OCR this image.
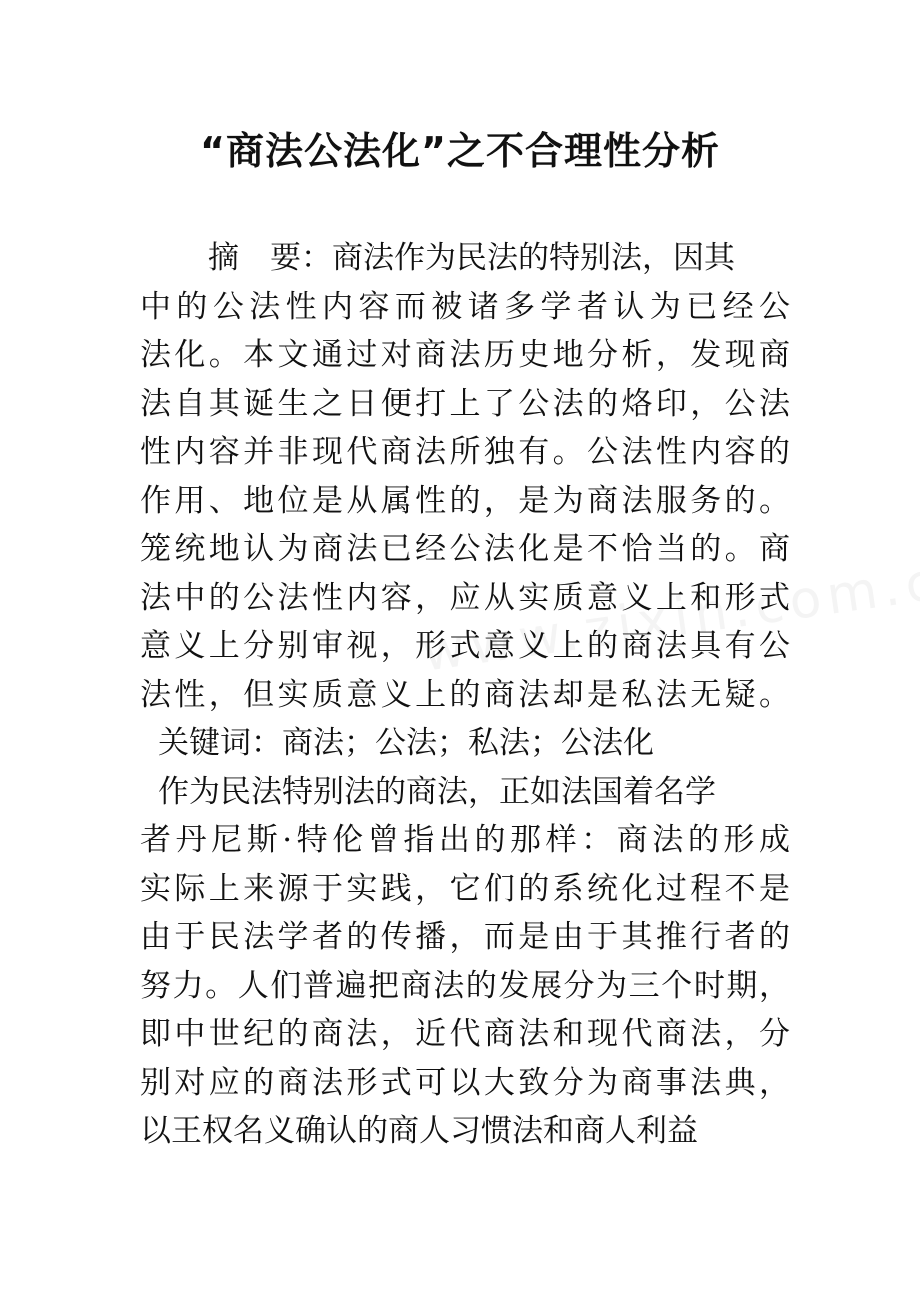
“商法公法化”之不合理性分析
摘　要：商法作为民法的特别法，因其
中的公法性内容而被诸多学者认为已经公
法化。本文通过对商法历史地分析，发现商
法自其诞生之日便打上了公法的烙印，公法
性内容并非现代商法所独有。公法性内容的
作用、地位是从属性的，是为商法服务的。
笼统地认为商法已经公法化是不恰当的。商
法中的公法性内容，应从实质意义上和形式
意义上分别审视，形式意义上的商法具有公
法性，但实质意义上的商法却是私法无疑。
关键词：商法；公法；私法；公法化
作为民法特别法的商法，正如法国着名学
者丹尼斯·特伦曾指出的那样：商法的形成
实际上来源于实践，它们的系统化过程不是
由于民法学者的传播，而是由于其推行者的
努力。人们普遍把商法的发展分为三个时期，
即中世纪的商法，近代商法和现代商法，分
别对应的商法形式可以大致分为商事法典，
以王权名义确认的商人习惯法和商人利益
